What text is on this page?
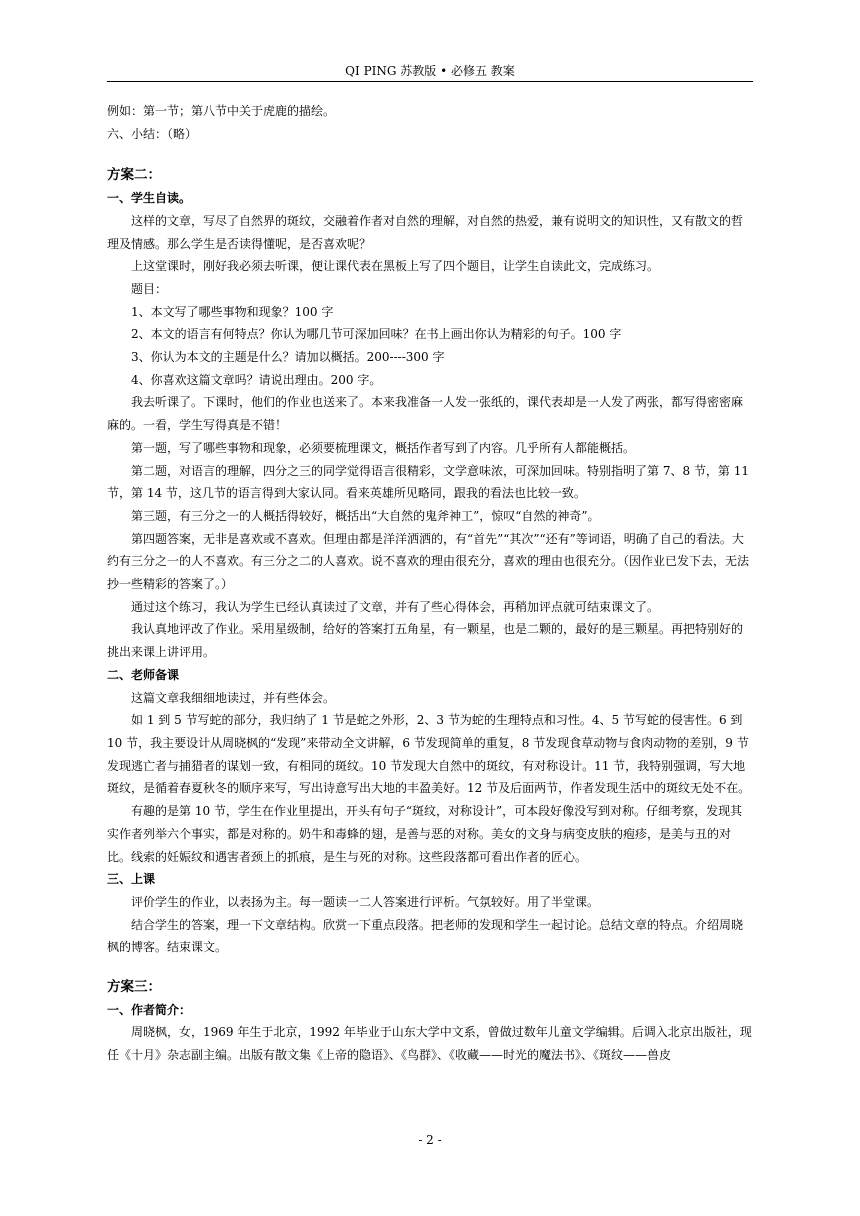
QI PING 苏教版 • 必修五 教案

例如：第一节；第八节中关于虎鹿的描绘。

六、小结：（略）

方案二：

一、学生自读。

这样的文章，写尽了自然界的斑纹，交融着作者对自然的理解，对自然的热爱，兼有说明文的知识性，又有散文的哲理及情感。那么学生是否读得懂呢，是否喜欢呢？

上这堂课时，刚好我必须去听课，便让课代表在黑板上写了四个题目，让学生自读此文，完成练习。

题目：

1、本文写了哪些事物和现象？100 字

2、本文的语言有何特点？你认为哪几节可深加回味？在书上画出你认为精彩的句子。100 字

3、你认为本文的主题是什么？请加以概括。200----300 字

4、你喜欢这篇文章吗？请说出理由。200 字。

我去听课了。下课时，他们的作业也送来了。本来我准备一人发一张纸的，课代表却是一人发了两张，都写得密密麻麻的。一看，学生写得真是不错！

第一题，写了哪些事物和现象，必须要梳理课文，概括作者写到了内容。几乎所有人都能概括。

第二题，对语言的理解，四分之三的同学觉得语言很精彩，文学意味浓，可深加回味。特别指明了第 7、8 节，第 11 节，第 14 节，这几节的语言得到大家认同。看来英雄所见略同，跟我的看法也比较一致。

第三题，有三分之一的人概括得较好，概括出“大自然的鬼斧神工”，惊叹“自然的神奇”。

第四题答案，无非是喜欢或不喜欢。但理由都是洋洋洒洒的，有“首先”“其次”“还有”等词语，明确了自己的看法。大约有三分之一的人不喜欢。有三分之二的人喜欢。说不喜欢的理由很充分，喜欢的理由也很充分。（因作业已发下去，无法抄一些精彩的答案了。）

通过这个练习，我认为学生已经认真读过了文章，并有了些心得体会，再稍加评点就可结束课文了。

我认真地评改了作业。采用星级制，给好的答案打五角星，有一颗星，也是二颗的，最好的是三颗星。再把特别好的挑出来课上讲评用。

二、老师备课

这篇文章我细细地读过，并有些体会。

如 1 到 5 节写蛇的部分，我归纳了 1 节是蛇之外形，2、3 节为蛇的生理特点和习性。4、5 节写蛇的侵害性。6 到 10 节，我主要设计从周晓枫的“发现”来带动全文讲解，6 节发现简单的重复，8 节发现食草动物与食肉动物的差别，9 节发现逃亡者与捕猎者的谋划一致，有相同的斑纹。10 节发现大自然中的斑纹，有对称设计。11 节，我特别强调，写大地斑纹，是循着春夏秋冬的顺序来写，写出诗意写出大地的丰盈美好。12 节及后面两节，作者发现生活中的斑纹无处不在。

有趣的是第 10 节，学生在作业里提出，开头有句子“斑纹，对称设计”，可本段好像没写到对称。仔细考察，发现其实作者列举六个事实，都是对称的。奶牛和毒蜂的翅，是善与恶的对称。美女的文身与病变皮肤的疱疹，是美与丑的对比。线索的妊娠纹和遇害者颈上的抓痕，是生与死的对称。这些段落都可看出作者的匠心。

三、上课

评价学生的作业，以表扬为主。每一题读一二人答案进行评析。气氛较好。用了半堂课。

结合学生的答案，理一下文章结构。欣赏一下重点段落。把老师的发现和学生一起讨论。总结文章的特点。介绍周晓枫的博客。结束课文。

方案三：

一、作者简介：

周晓枫，女，1969 年生于北京，1992 年毕业于山东大学中文系，曾做过数年儿童文学编辑。后调入北京出版社，现任《十月》杂志副主编。出版有散文集《上帝的隐语》、《鸟群》、《收藏——时光的魔法书》、《斑纹——兽皮

- 2 -
